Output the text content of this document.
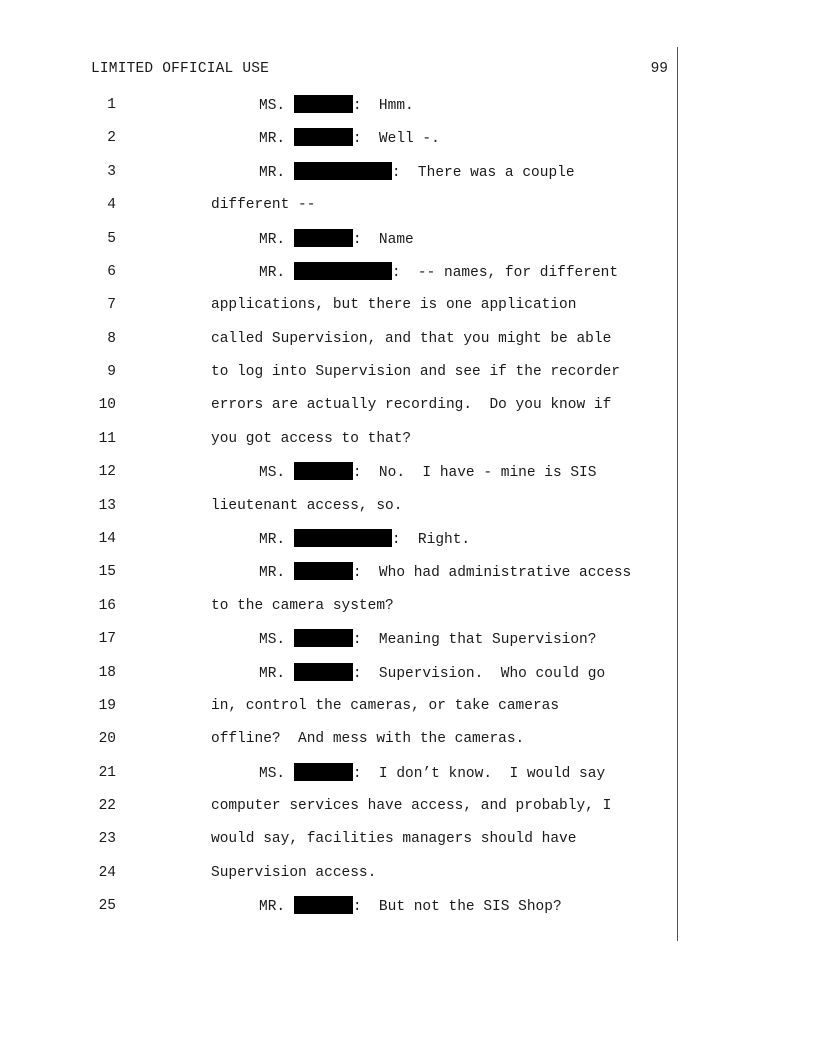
LIMITED OFFICIAL USE	99
1	MS.	:  Hmm.
2	MR.	:  Well -.
3	MR.	:  There was a couple
4	different --
5	MR.	:  Name
6	MR.	:  -- names, for different
7	applications, but there is one application
8	called Supervision, and that you might be able
9	to log into Supervision and see if the recorder
10	errors are actually recording.  Do you know if
11	you got access to that?
12	MS.	:  No.  I have - mine is SIS
13	lieutenant access, so.
14	MR.	:  Right.
15	MR.	:  Who had administrative access
16	to the camera system?
17	MS.	:  Meaning that Supervision?
18	MR.	:  Supervision.  Who could go
19	in, control the cameras, or take cameras
20	offline?  And mess with the cameras.
21	MS.	:  I don’t know.  I would say
22	computer services have access, and probably, I
23	would say, facilities managers should have
24	Supervision access.
25	MR.	:  But not the SIS Shop?
